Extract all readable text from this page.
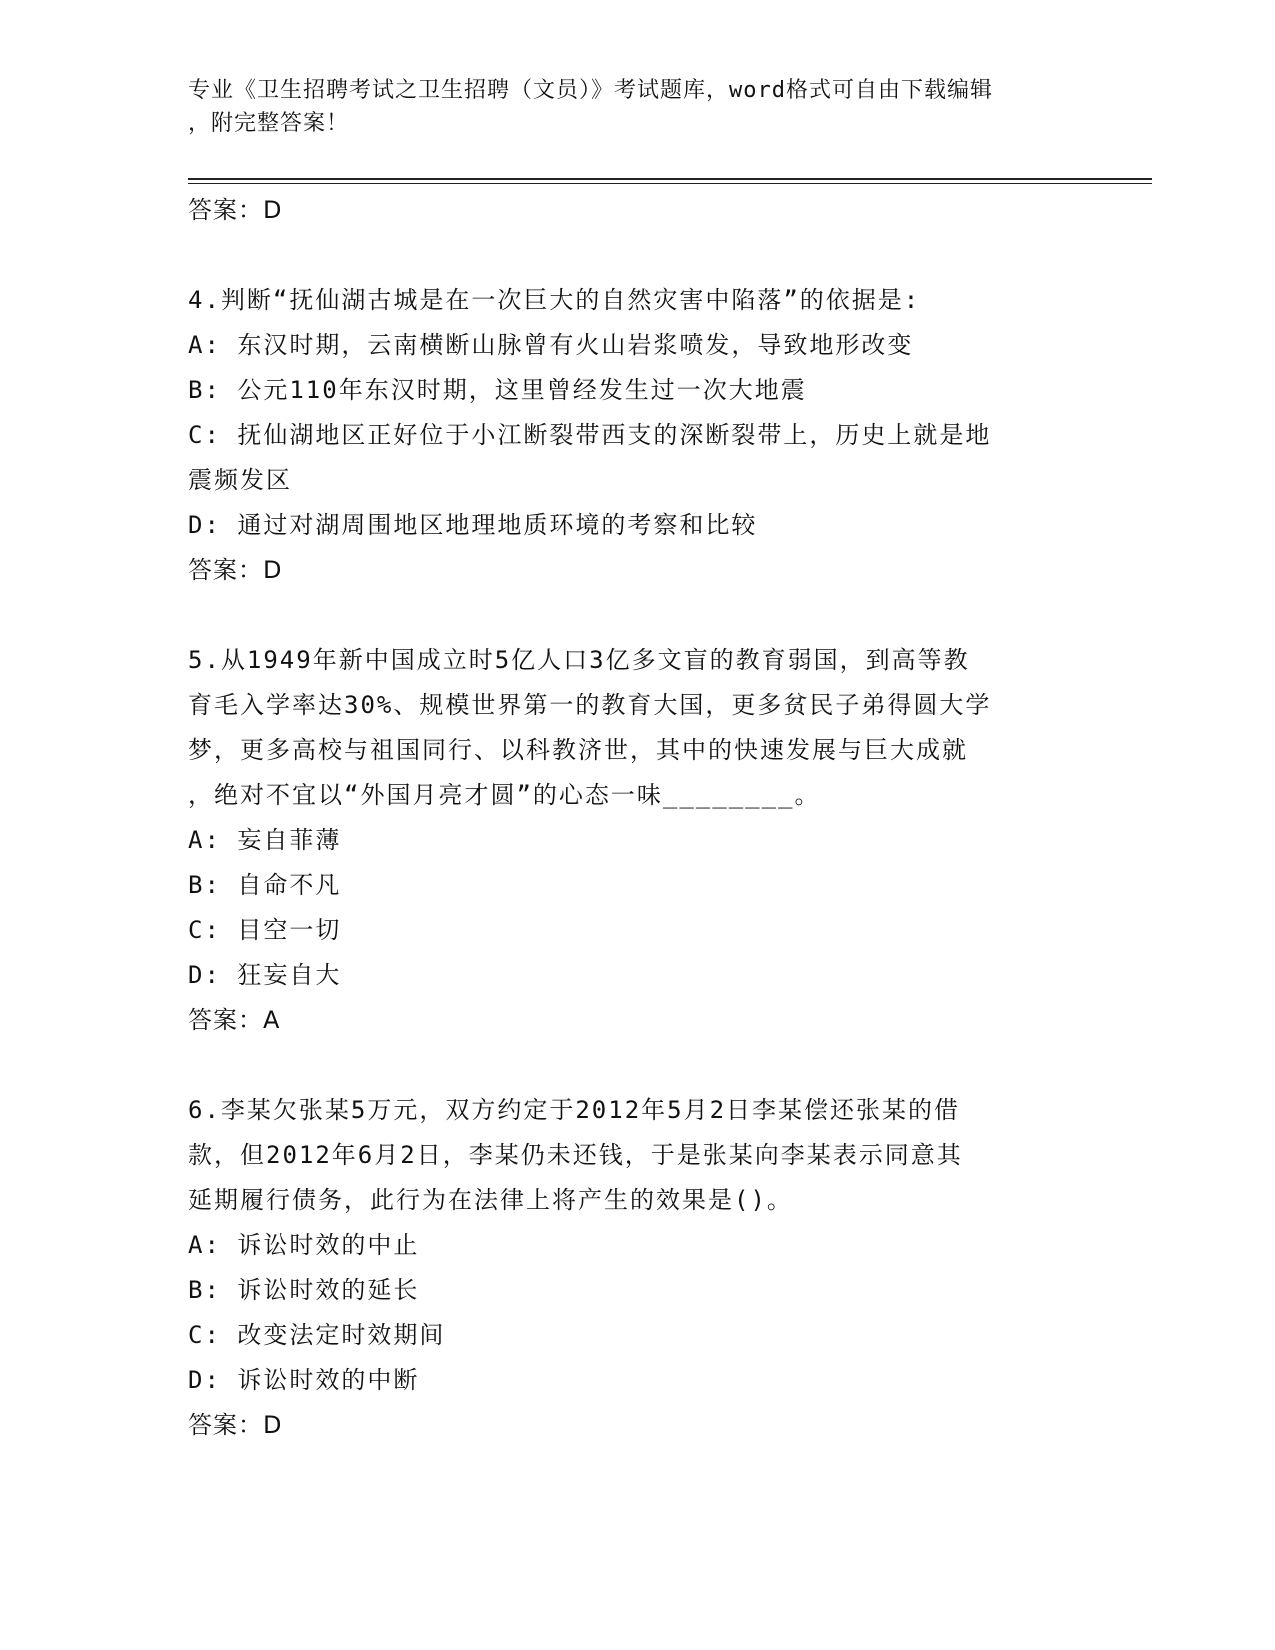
专业《卫生招聘考试之卫生招聘（文员）》考试题库，word格式可自由下载编辑
，附完整答案！
答案：D
4.判断“抚仙湖古城是在一次巨大的自然灾害中陷落”的依据是:
A: 东汉时期，云南横断山脉曾有火山岩浆喷发，导致地形改变
B: 公元110年东汉时期，这里曾经发生过一次大地震
C: 抚仙湖地区正好位于小江断裂带西支的深断裂带上，历史上就是地
震频发区
D: 通过对湖周围地区地理地质环境的考察和比较
答案：D
5.从1949年新中国成立时5亿人口3亿多文盲的教育弱国，到高等教
育毛入学率达30%、规模世界第一的教育大国，更多贫民子弟得圆大学
梦，更多高校与祖国同行、以科教济世，其中的快速发展与巨大成就
，绝对不宜以“外国月亮才圆”的心态一味________。
A: 妄自菲薄
B: 自命不凡
C: 目空一切
D: 狂妄自大
答案：A
6.李某欠张某5万元，双方约定于2012年5月2日李某偿还张某的借
款，但2012年6月2日，李某仍未还钱，于是张某向李某表示同意其
延期履行债务，此行为在法律上将产生的效果是()。
A: 诉讼时效的中止
B: 诉讼时效的延长
C: 改变法定时效期间
D: 诉讼时效的中断
答案：D
